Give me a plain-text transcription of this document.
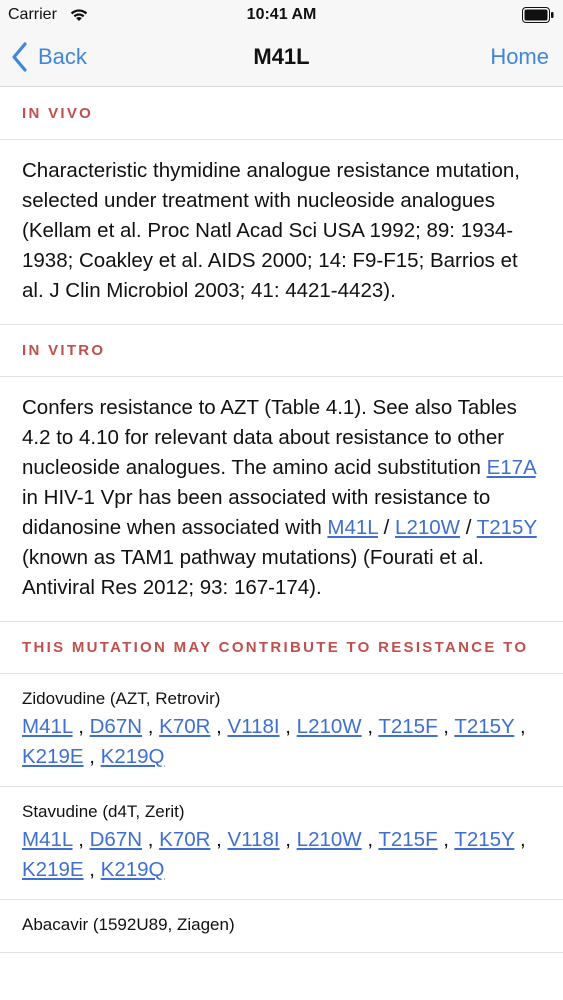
Carrier	10:41 AM
Back	M41L	Home
IN VIVO
Characteristic thymidine analogue resistance mutation, selected under treatment with nucleoside analogues (Kellam et al. Proc Natl Acad Sci USA 1992; 89: 1934-1938; Coakley et al. AIDS 2000; 14: F9-F15; Barrios et al. J Clin Microbiol 2003; 41: 4421-4423).
IN VITRO
Confers resistance to AZT (Table 4.1). See also Tables 4.2 to 4.10 for relevant data about resistance to other nucleoside analogues. The amino acid substitution E17A in HIV-1 Vpr has been associated with resistance to didanosine when associated with M41L / L210W / T215Y (known as TAM1 pathway mutations) (Fourati et al. Antiviral Res 2012; 93: 167-174).
THIS MUTATION MAY CONTRIBUTE TO RESISTANCE TO
Zidovudine (AZT, Retrovir)
M41L , D67N , K70R , V118I , L210W , T215F , T215Y , K219E , K219Q
Stavudine (d4T, Zerit)
M41L , D67N , K70R , V118I , L210W , T215F , T215Y , K219E , K219Q
Abacavir (1592U89, Ziagen)
